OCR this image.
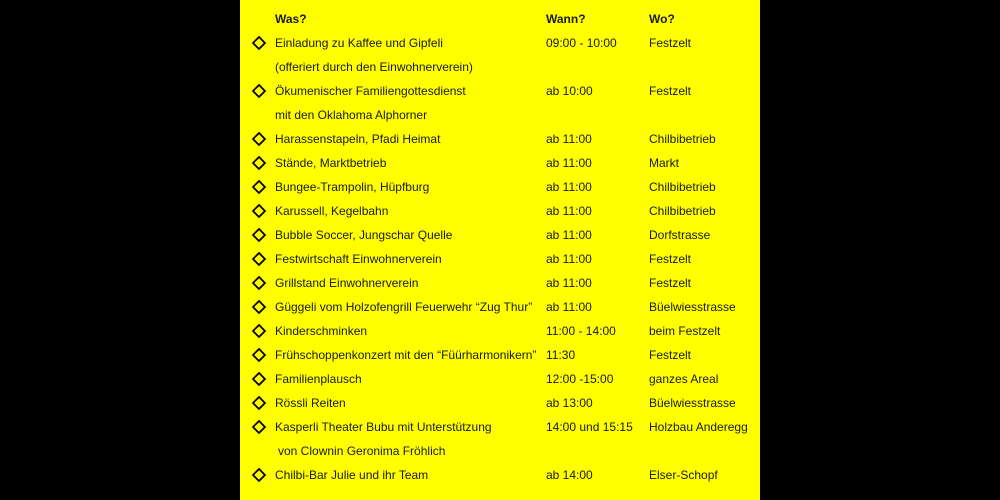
Was?	Wann?	Wo?
Einladung zu Kaffee und Gipfeli	09:00 - 10:00	Festzelt
(offeriert durch den Einwohnerverein)
Ökumenischer Familiengottesdienst	ab 10:00	Festzelt
mit den Oklahoma Alphorner
Harassenstapeln, Pfadi Heimat	ab 11:00	Chilbibetrieb
Stände, Marktbetrieb	ab 11:00	Markt
Bungee-Trampolin, Hüpfburg	ab 11:00	Chilbibetrieb
Karussell, Kegelbahn	ab 11:00	Chilbibetrieb
Bubble Soccer, Jungschar Quelle	ab 11:00	Dorfstrasse
Festwirtschaft Einwohnerverein	ab 11:00	Festzelt
Grillstand Einwohnerverein	ab 11:00	Festzelt
Güggeli vom Holzofengrill Feuerwehr “Zug Thur” ab 11:00	Büelwiesstrasse
Kinderschminken	11:00 - 14:00	beim Festzelt
Frühschoppenkonzert mit den “Füürharmonikern” 11:30	Festzelt
Familienplausch	12:00 -15:00	ganzes Areal
Rössli Reiten	ab 13:00	Büelwiesstrasse
Kasperli Theater Bubu mit Unterstützung	14:00 und 15:15 Holzbau Anderegg
von Clownin Geronima Fröhlich
Chilbi-Bar Julie und ihr Team	ab 14:00	Elser-Schopf
